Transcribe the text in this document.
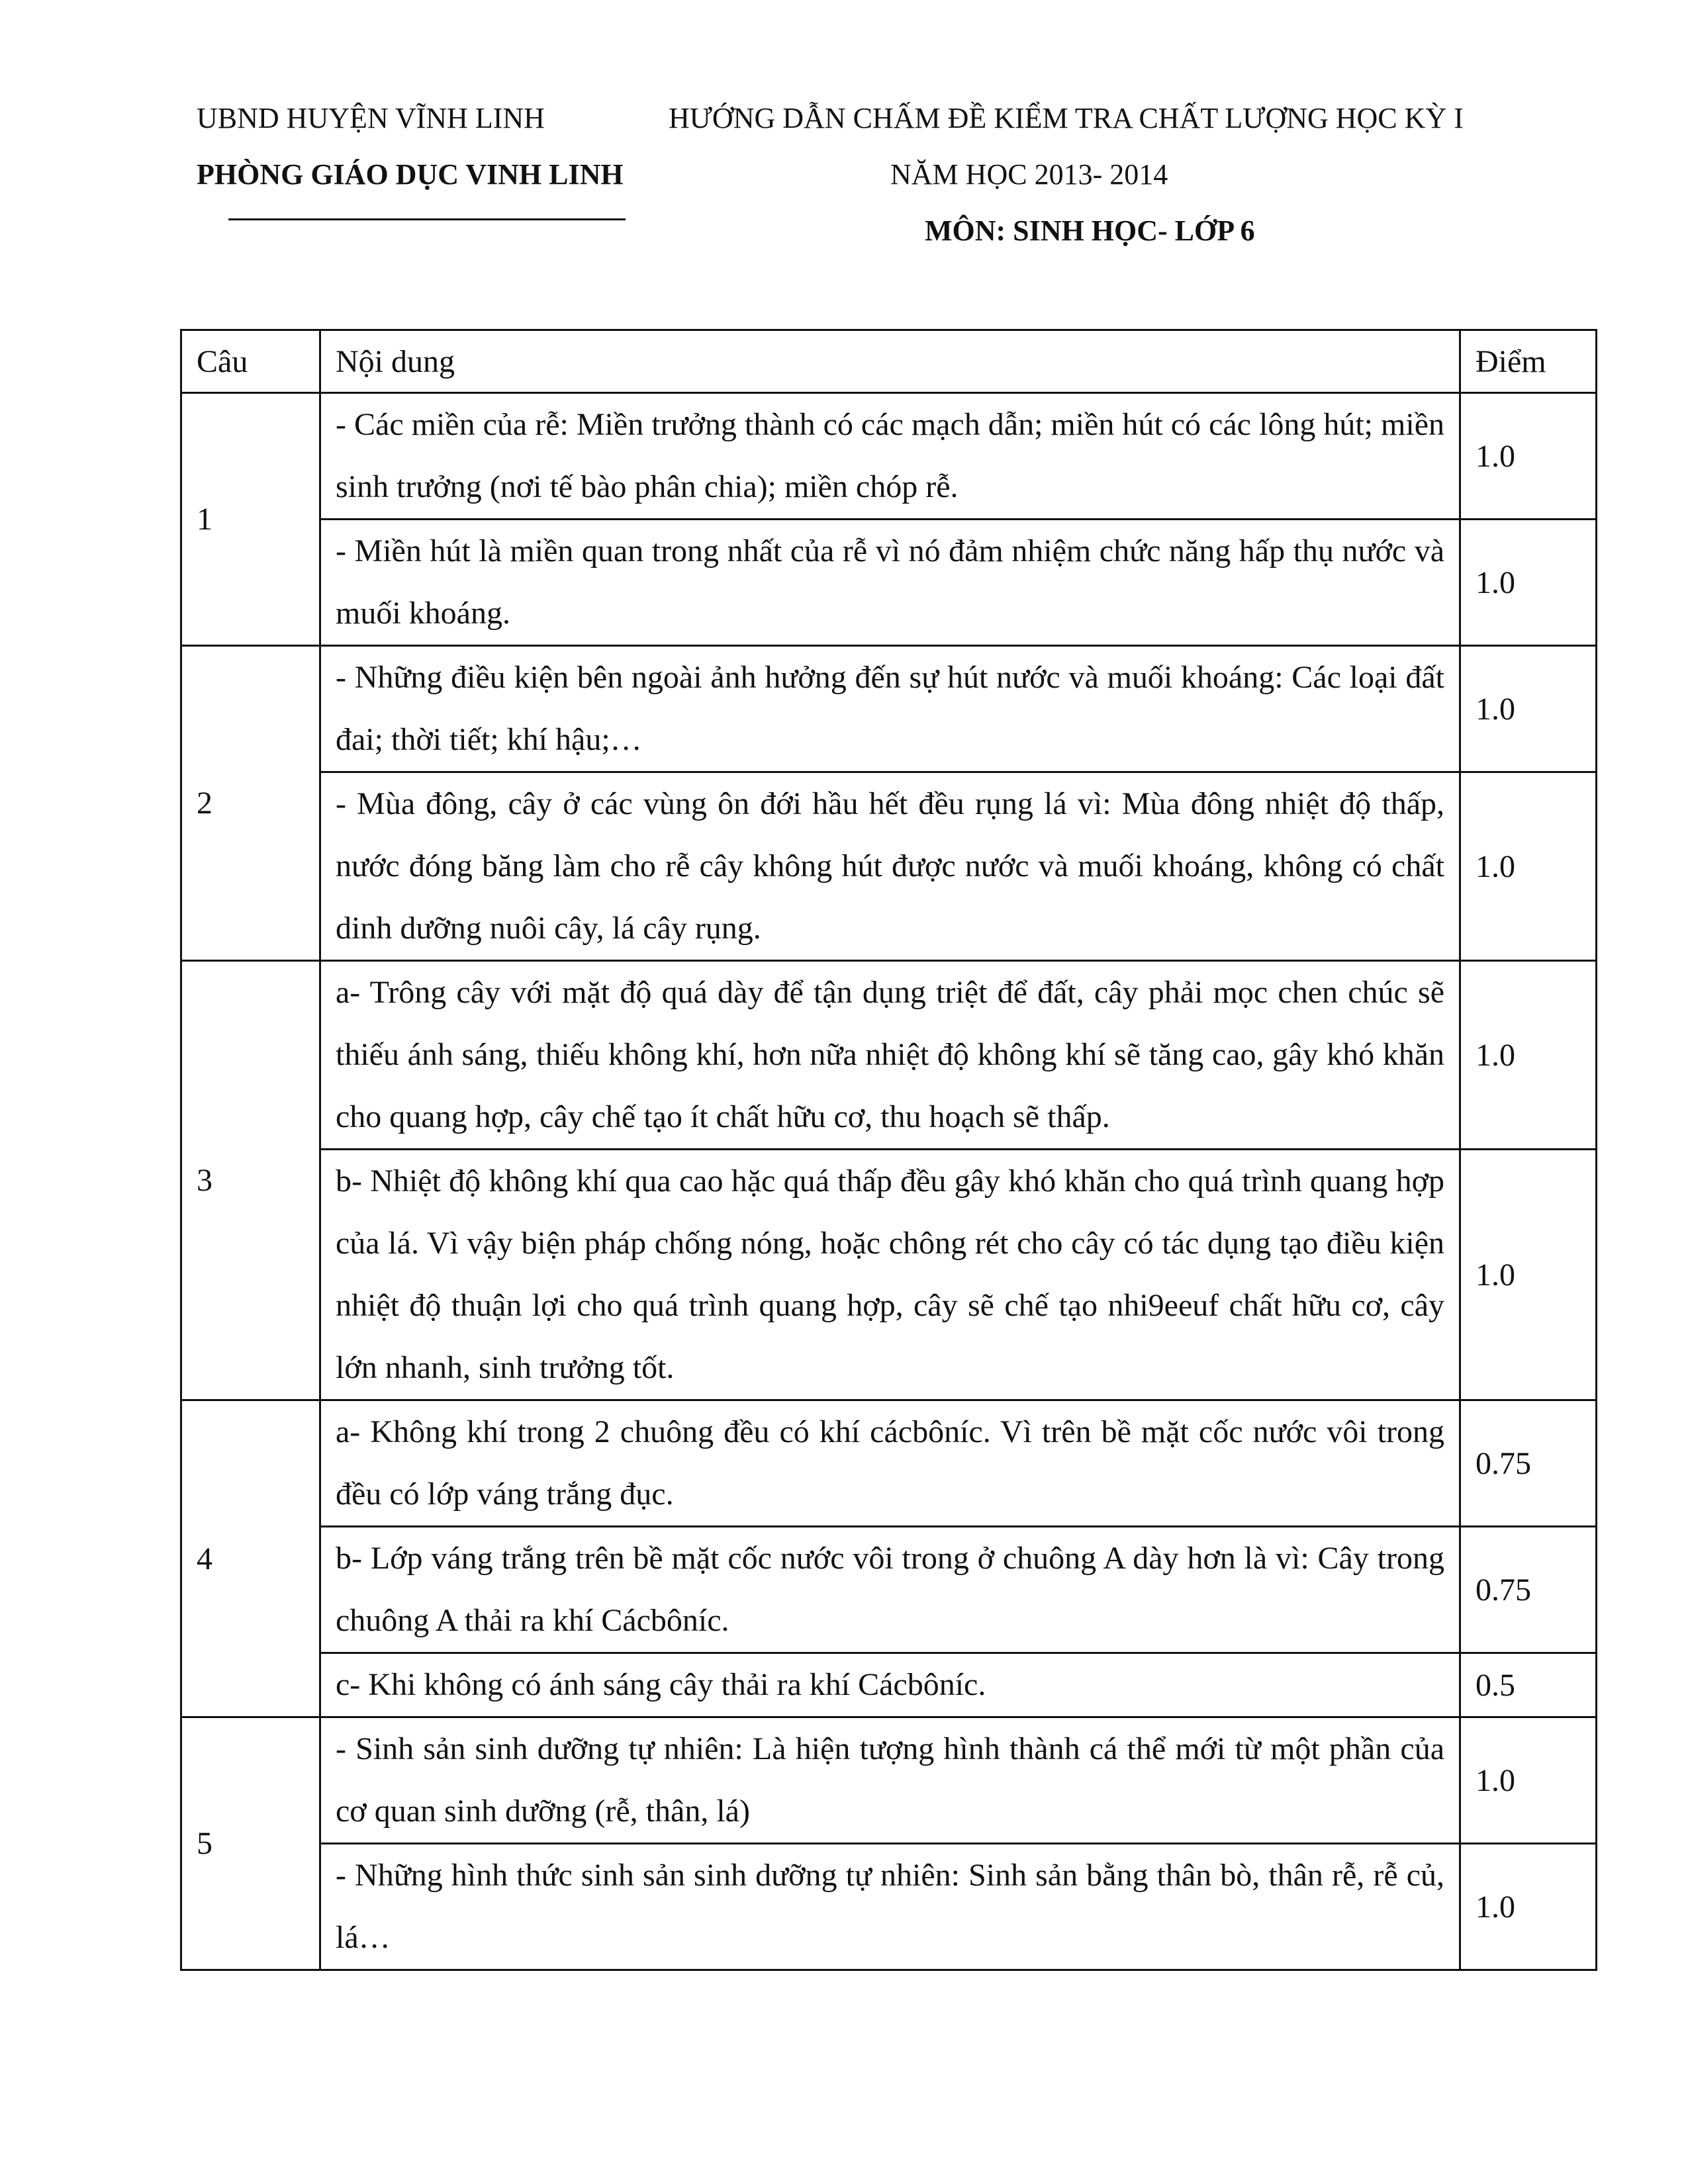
UBND HUYỆN VĨNH LINH	HƯỚNG DẪN CHẤM ĐỀ KIỂM TRA CHẤT LƯỢNG HỌC KỲ I
PHÒNG GIÁO DỤC VINH LINH	NĂM HỌC 2013- 2014
MÔN: SINH HỌC- LỚP 6
Câu	Nội dung	Điểm
1	- Các miền của rễ: Miền trưởng thành có các mạch dẫn; miền hút có các lông hút; miền sinh trưởng (nơi tế bào phân chia); miền chóp rễ.	1.0
	- Miền hút là miền quan trong nhất của rễ vì nó đảm nhiệm chức năng hấp thụ nước và muối khoáng.	1.0
2	- Những điều kiện bên ngoài ảnh hưởng đến sự hút nước và muối khoáng: Các loại đất đai; thời tiết; khí hậu;…	1.0
	- Mùa đông, cây ở các vùng ôn đới hầu hết đều rụng lá vì: Mùa đông nhiệt độ thấp, nước đóng băng làm cho rễ cây không hút được nước và muối khoáng, không có chất dinh dưỡng nuôi cây, lá cây rụng.	1.0
3	a- Trông cây với mặt độ quá dày để tận dụng triệt để đất, cây phải mọc chen chúc sẽ thiếu ánh sáng, thiếu không khí, hơn nữa nhiệt độ không khí sẽ tăng cao, gây khó khăn cho quang hợp, cây chế tạo ít chất hữu cơ, thu hoạch sẽ thấp.	1.0
	b- Nhiệt độ không khí qua cao hặc quá thấp đều gây khó khăn cho quá trình quang hợp của lá. Vì vậy biện pháp chống nóng, hoặc chông rét cho cây có tác dụng tạo điều kiện nhiệt độ thuận lợi cho quá trình quang hợp, cây sẽ chế tạo nhi9eeuf chất hữu cơ, cây lớn nhanh, sinh trưởng tốt.	1.0
4	a- Không khí trong 2 chuông đều có khí cácbôníc. Vì trên bề mặt cốc nước vôi trong đều có lớp váng trắng đục.	0.75
	b- Lớp váng trắng trên bề mặt cốc nước vôi trong ở chuông A dày hơn là vì: Cây trong chuông A thải ra khí Cácbôníc.	0.75
	c- Khi không có ánh sáng cây thải ra khí Cácbôníc.	0.5
5	- Sinh sản sinh dưỡng tự nhiên: Là hiện tượng hình thành cá thể mới từ một phần của cơ quan sinh dưỡng (rễ, thân, lá)	1.0
	- Những hình thức sinh sản sinh dưỡng tự nhiên: Sinh sản bằng thân bò, thân rễ, rễ củ, lá…	1.0
